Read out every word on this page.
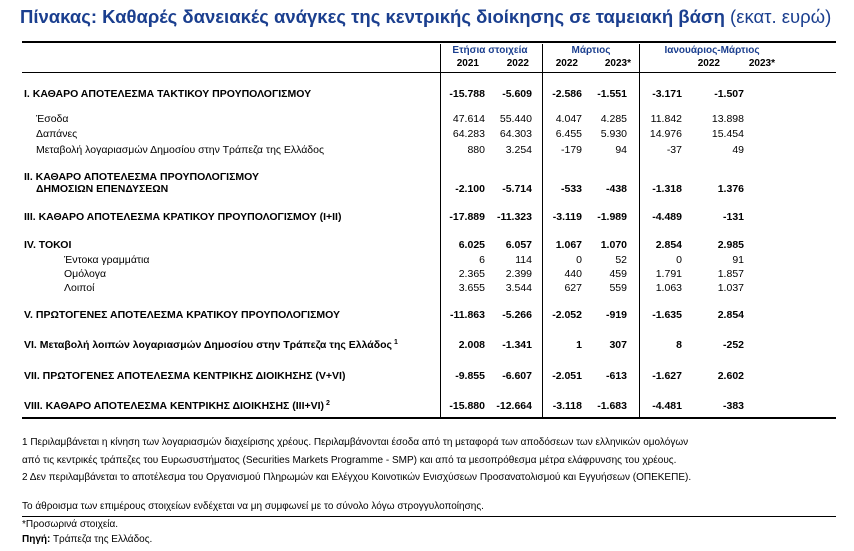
Πίνακας: Καθαρές δανειακές ανάγκες της κεντρικής διοίκησης σε ταμειακή βάση (εκατ. ευρώ)
Ετήσια στοιχεία	Μάρτιος	Ιανουάριος-Μάρτιος
2021	2022	2022	2023*	2022	2023*
I. ΚΑΘΑΡΟ ΑΠΟΤΕΛΕΣΜΑ ΤΑΚΤΙΚΟΥ ΠΡΟΥΠΟΛΟΓΙΣΜΟΥ	-15.788	-5.609	-2.586	-1.551	-3.171	-1.507
Έσοδα	47.614	55.440	4.047	4.285	11.842	13.898
Δαπάνες	64.283	64.303	6.455	5.930	14.976	15.454
Μεταβολή λογαριασμών Δημοσίου στην Τράπεζα της Ελλάδος	880	3.254	-179	94	-37	49
II. ΚΑΘΑΡΟ ΑΠΟΤΕΛΕΣΜΑ ΠΡΟΥΠΟΛΟΓΙΣΜΟΥ
ΔΗΜΟΣΙΩΝ ΕΠΕΝΔΥΣΕΩΝ	-2.100	-5.714	-533	-438	-1.318	1.376
III. ΚΑΘΑΡΟ ΑΠΟΤΕΛΕΣΜΑ ΚΡΑΤΙΚΟΥ ΠΡΟΥΠΟΛΟΓΙΣΜΟΥ (I+II)	-17.889	-11.323	-3.119	-1.989	-4.489	-131
IV. ΤΟΚΟΙ	6.025	6.057	1.067	1.070	2.854	2.985
Έντοκα γραμμάτια	6	114	0	52	0	91
Ομόλογα	2.365	2.399	440	459	1.791	1.857
Λοιποί	3.655	3.544	627	559	1.063	1.037
V. ΠΡΩΤΟΓΕΝΕΣ ΑΠΟΤΕΛΕΣΜΑ ΚΡΑΤΙΚΟΥ ΠΡΟΥΠΟΛΟΓΙΣΜΟΥ	-11.863	-5.266	-2.052	-919	-1.635	2.854
VI. Μεταβολή λοιπών λογαριασμών Δημοσίου στην Τράπεζα της Ελλάδος $^1$	2.008	-1.341	1	307	8	-252
VII. ΠΡΩΤΟΓΕΝΕΣ ΑΠΟΤΕΛΕΣΜΑ ΚΕΝΤΡΙΚΗΣ ΔΙΟΙΚΗΣΗΣ (V+VI)	-9.855	-6.607	-2.051	-613	-1.627	2.602
VIII. ΚΑΘΑΡΟ ΑΠΟΤΕΛΕΣΜΑ ΚΕΝΤΡΙΚΗΣ ΔΙΟΙΚΗΣΗΣ (III+VI) $^2$	-15.880	-12.664	-3.118	-1.683	-4.481	-383
1 Περιλαμβάνεται η κίνηση των λογαριασμών διαχείρισης χρέους. Περιλαμβάνονται έσοδα από τη μεταφορά των αποδόσεων των ελληνικών ομολόγων
από τις κεντρικές τράπεζες του Ευρωσυστήματος (Securities Markets Programme - SMP) και από τα μεσοπρόθεσμα μέτρα ελάφρυνσης του χρέους.
2 Δεν περιλαμβάνεται το αποτέλεσμα του Οργανισμού Πληρωμών και Ελέγχου Κοινοτικών Ενισχύσεων Προσανατολισμού και Εγγυήσεων (ΟΠΕΚΕΠΕ).
Το άθροισμα των επιμέρους στοιχείων ενδέχεται να μη συμφωνεί με το σύνολο λόγω στρογγυλοποίησης.
*Προσωρινά στοιχεία.
Πηγή: Τράπεζα της Ελλάδος.
